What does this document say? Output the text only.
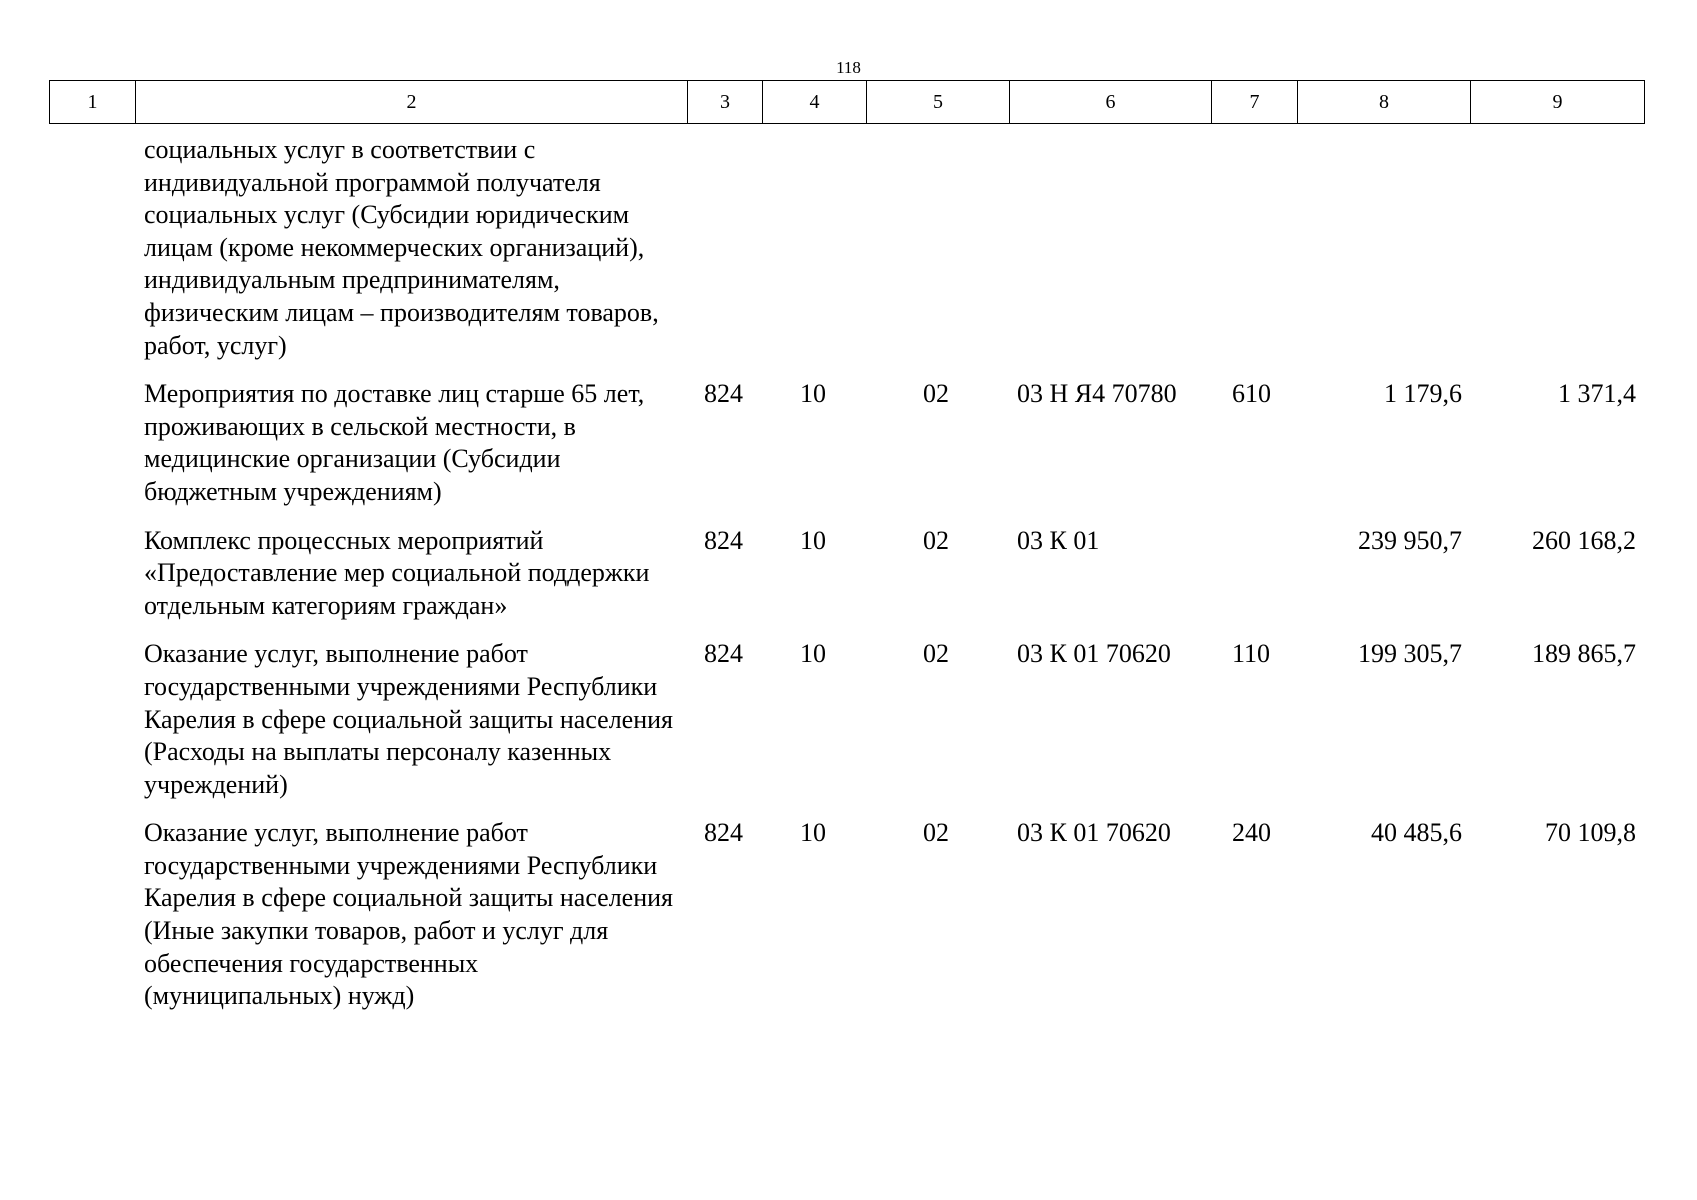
118
1	2	3	4	5	6	7	8	9
социальных услуг в соответствии с индивидуальной программой получателя социальных услуг (Субсидии юридическим лицам (кроме некоммерческих организаций), индивидуальным предпринимателям, физическим лицам – производителям товаров, работ, услуг)							
Мероприятия по доставке лиц старше 65 лет, проживающих в сельской местности, в медицинские организации (Субсидии бюджетным учреждениям)	824	10	02	03 Н Я4 70780	610	1 179,6	1 371,4
Комплекс процессных мероприятий «Предоставление мер социальной поддержки отдельным категориям граждан»	824	10	02	03 К 01		239 950,7	260 168,2
Оказание услуг, выполнение работ государственными учреждениями Республики Карелия в сфере социальной защиты населения (Расходы на выплаты персоналу казенных учреждений)	824	10	02	03 К 01 70620	110	199 305,7	189 865,7
Оказание услуг, выполнение работ государственными учреждениями Республики Карелия в сфере социальной защиты населения (Иные закупки товаров, работ и услуг для обеспечения государственных (муниципальных) нужд)	824	10	02	03 К 01 70620	240	40 485,6	70 109,8
